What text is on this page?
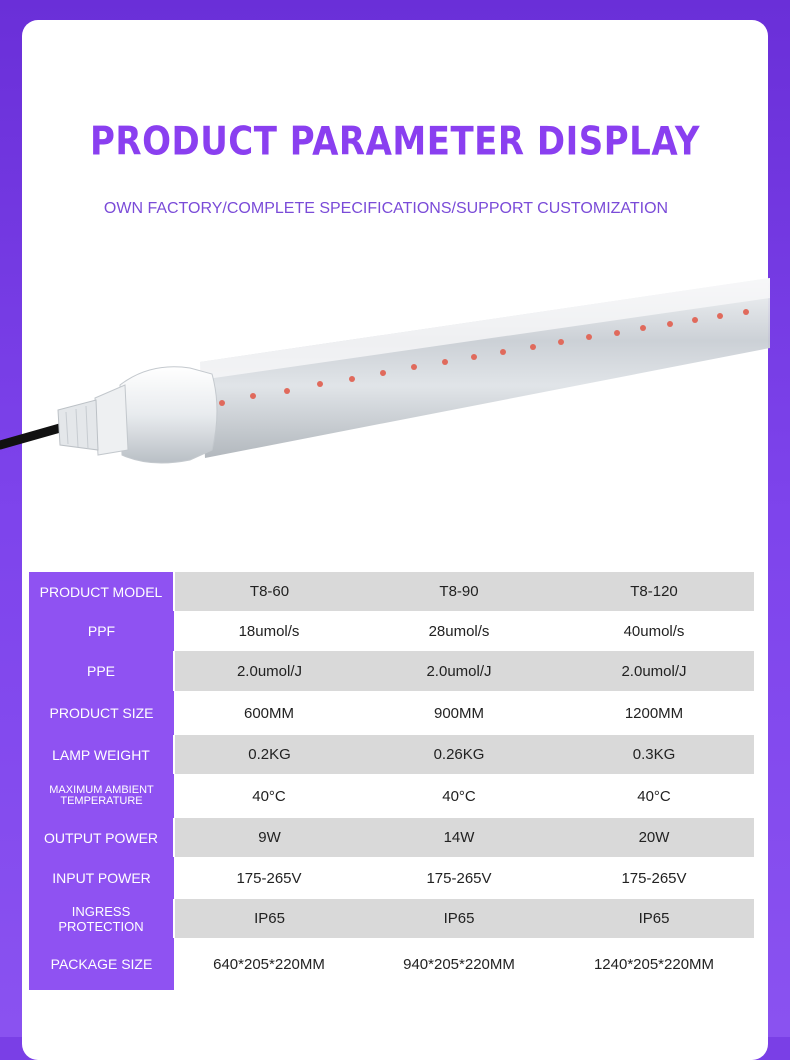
PRODUCT PARAMETER DISPLAY
OWN FACTORY/COMPLETE SPECIFICATIONS/SUPPORT CUSTOMIZATION
PRODUCT MODEL	T8-60	T8-90	T8-120
PPF	18umol/s	28umol/s	40umol/s
PPE	2.0umol/J	2.0umol/J	2.0umol/J
PRODUCT SIZE	600MM	900MM	1200MM
LAMP WEIGHT	0.2KG	0.26KG	0.3KG
MAXIMUM AMBIENT TEMPERATURE	40°C	40°C	40°C
OUTPUT POWER	9W	14W	20W
INPUT POWER	175-265V	175-265V	175-265V
INGRESS PROTECTION	IP65	IP65	IP65
PACKAGE SIZE	640*205*220MM	940*205*220MM	1240*205*220MM
